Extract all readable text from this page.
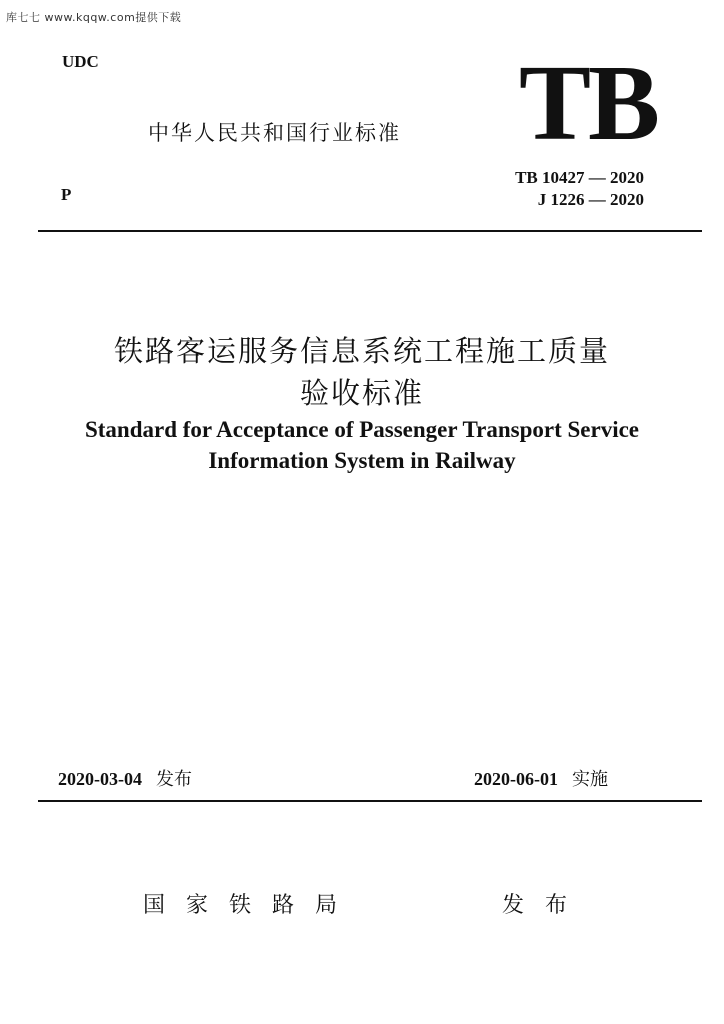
库七七 www.kqqw.com提供下载
UDC
中华人民共和国行业标准 TB
TB 10427 — 2020
J 1226 — 2020
P
铁路客运服务信息系统工程施工质量
验收标准
Standard for Acceptance of Passenger Transport Service
Information System in Railway
2020-03-04 发布	2020-06-01 实施
国家铁路局	发布
